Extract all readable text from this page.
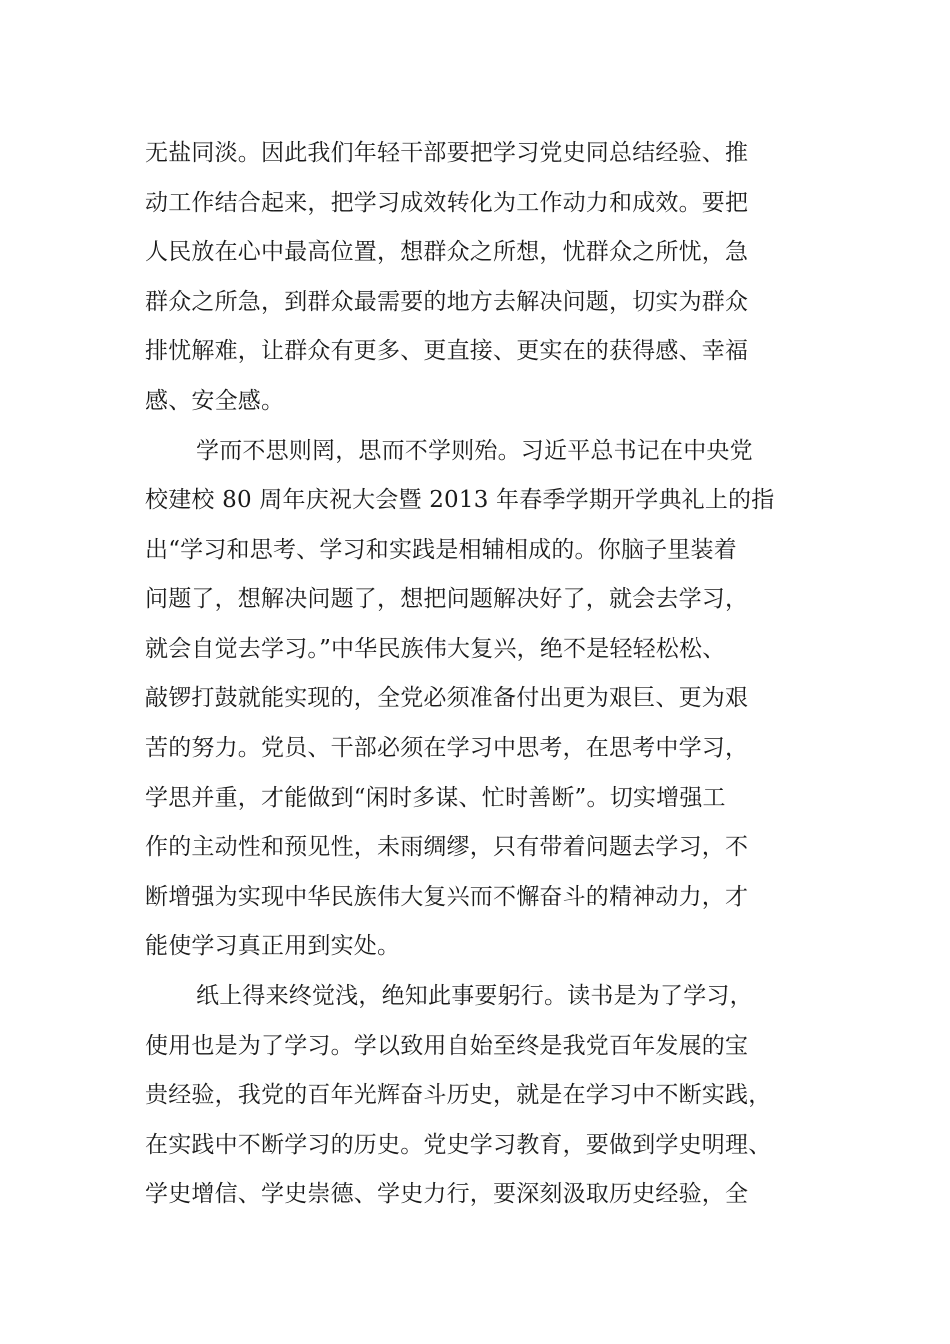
无盐同淡。因此我们年轻干部要把学习党史同总结经验、推
动工作结合起来，把学习成效转化为工作动力和成效。要把
人民放在心中最高位置，想群众之所想，忧群众之所忧，急
群众之所急，到群众最需要的地方去解决问题，切实为群众
排忧解难，让群众有更多、更直接、更实在的获得感、幸福
感、安全感。
学而不思则罔，思而不学则殆。习近平总书记在中央党
校建校 80 周年庆祝大会暨 2013 年春季学期开学典礼上的指
出“学习和思考、学习和实践是相辅相成的。你脑子里装着
问题了，想解决问题了，想把问题解决好了，就会去学习，
就会自觉去学习。”中华民族伟大复兴，绝不是轻轻松松、
敲锣打鼓就能实现的，全党必须准备付出更为艰巨、更为艰
苦的努力。党员、干部必须在学习中思考，在思考中学习，
学思并重，才能做到“闲时多谋、忙时善断”。切实增强工
作的主动性和预见性，未雨绸缪，只有带着问题去学习，不
断增强为实现中华民族伟大复兴而不懈奋斗的精神动力，才
能使学习真正用到实处。
纸上得来终觉浅，绝知此事要躬行。读书是为了学习，
使用也是为了学习。学以致用自始至终是我党百年发展的宝
贵经验，我党的百年光辉奋斗历史，就是在学习中不断实践，
在实践中不断学习的历史。党史学习教育，要做到学史明理、
学史增信、学史崇德、学史力行，要深刻汲取历史经验，全
